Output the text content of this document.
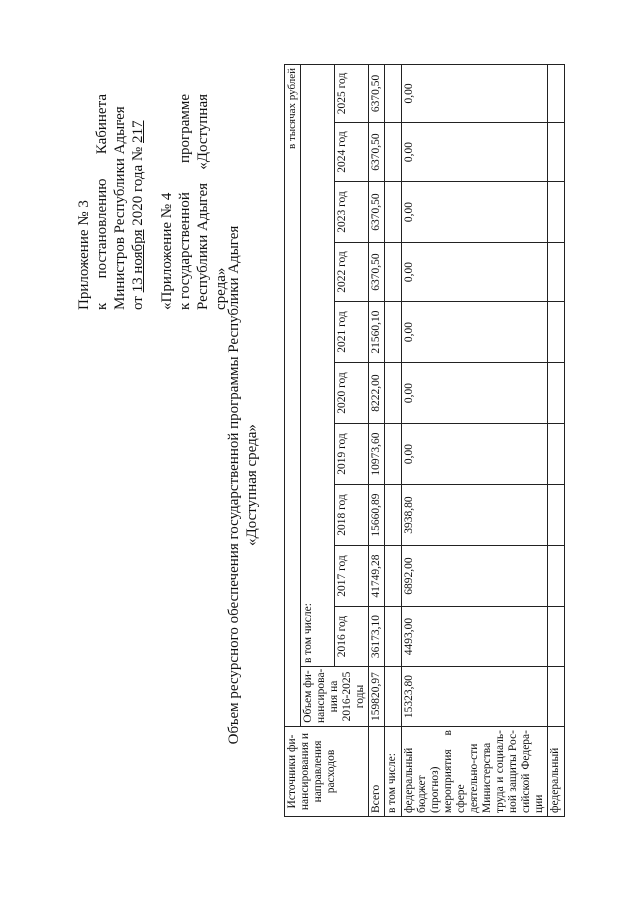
Приложение № 3 к
постановлению
Кабинета Министров Республики Адыгея от 13 ноября 2020 года № 217
«Приложение № 4 к государственной
программе
Республики Адыгея
«Доступная
среда»
Объем ресурсного обеспечения государственной программы Республики Адыгея «Доступная среда»
Источники фи-нансирования и направления расходов	в тысячах рублей										
	Объем фи-нансирова-ния на 2016-2025 годы	в том числе:									
		2016 год	2017 год	2018 год	2019 год	2020 год	2021 год	2022 год	2023 год	2024 год	2025 год
Всего	159820,97	36173,10	41749,28	15660,89	10973,60	8222,00	21560,10	6370,50	6370,50	6370,50	6370,50
в том числе:											
федеральный бюджет (прогноз) мероприятия в сфере деятельно-сти Министерства труда и социаль-ной защиты Рос-сийской Федера-ции	15323,80	4493,00	6892,00	3938,80	0,00	0,00	0,00	0,00	0,00	0,00	0,00
федеральный											
